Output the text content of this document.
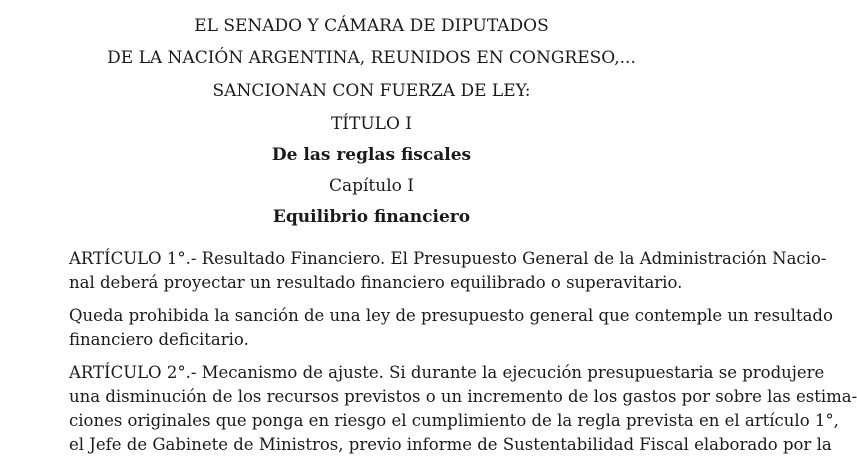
EL SENADO Y CÁMARA DE DIPUTADOS
DE LA NACIÓN ARGENTINA, REUNIDOS EN CONGRESO,...
SANCIONAN CON FUERZA DE LEY:
TÍTULO I
De las reglas fiscales
Capítulo I
Equilibrio financiero
ARTÍCULO 1°.- Resultado Financiero. El Presupuesto General de la Administración Nacio-
nal deberá proyectar un resultado financiero equilibrado o superavitario.
Queda prohibida la sanción de una ley de presupuesto general que contemple un resultado
financiero deficitario.
ARTÍCULO 2°.- Mecanismo de ajuste. Si durante la ejecución presupuestaria se produjere
una disminución de los recursos previstos o un incremento de los gastos por sobre las estima-
ciones originales que ponga en riesgo el cumplimiento de la regla prevista en el artículo 1°,
el Jefe de Gabinete de Ministros, previo informe de Sustentabilidad Fiscal elaborado por la
